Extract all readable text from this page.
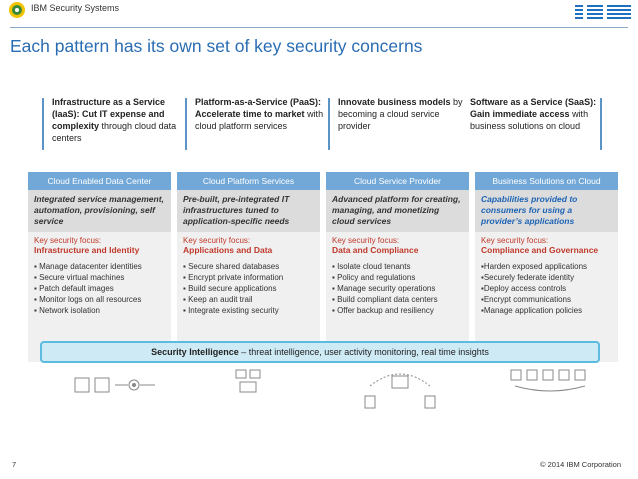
IBM Security Systems
Each pattern has its own set of key security concerns
Infrastructure as a Service (IaaS): Cut IT expense and complexity through cloud data centers
Platform-as-a-Service (PaaS): Accelerate time to market with cloud platform services
Innovate business models by becoming a cloud service provider
Software as a Service (SaaS): Gain immediate access with business solutions on cloud
Cloud Enabled Data Center
Integrated service management, automation, provisioning, self service
Key security focus:
Infrastructure and Identity
▪ Manage datacenter identities
▪ Secure virtual machines
▪ Patch default images
▪ Monitor logs on all resources
▪ Network isolation
Cloud Platform Services
Pre-built, pre-integrated IT infrastructures tuned to application-specific needs
Key security focus:
Applications and Data
▪ Secure shared databases
▪ Encrypt private information
▪ Build secure applications
▪ Keep an audit trail
▪ Integrate existing security
Cloud Service Provider
Advanced platform for creating, managing, and monetizing cloud services
Key security focus:
Data and Compliance
▪ Isolate cloud tenants
▪ Policy and regulations
▪ Manage security operations
▪ Build compliant data centers
▪ Offer backup and resiliency
Business Solutions on Cloud
Capabilities provided to consumers for using a provider’s applications
Key security focus:
Compliance and Governance
▪ Harden exposed applications
▪ Securely federate identity
▪ Deploy access controls
▪ Encrypt communications
▪ Manage application policies
Security Intelligence – threat intelligence, user activity monitoring, real time insights
7	© 2014 IBM Corporation
